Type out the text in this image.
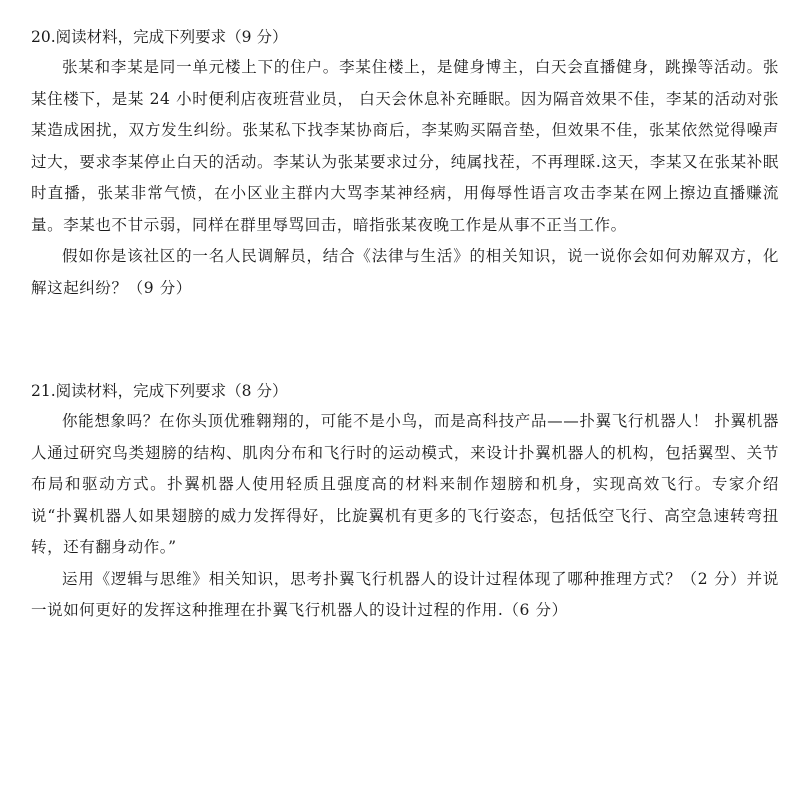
20.阅读材料，完成下列要求（9 分）

张某和李某是同一单元楼上下的住户。李某住楼上，是健身博主，白天会直播健身，跳操等活动。张某住楼下，是某 24 小时便利店夜班营业员， 白天会休息补充睡眠。因为隔音效果不佳，李某的活动对张某造成困扰，双方发生纠纷。张某私下找李某协商后，李某购买隔音垫，但效果不佳，张某依然觉得噪声过大，要求李某停止白天的活动。李某认为张某要求过分，纯属找茬，不再理睬.这天，李某又在张某补眠时直播，张某非常气愤，在小区业主群内大骂李某神经病，用侮辱性语言攻击李某在网上擦边直播赚流量。李某也不甘示弱，同样在群里辱骂回击，暗指张某夜晚工作是从事不正当工作。

假如你是该社区的一名人民调解员，结合《法律与生活》的相关知识，说一说你会如何劝解双方，化解这起纠纷？（9 分）

21.阅读材料，完成下列要求（8 分）

你能想象吗？在你头顶优雅翱翔的，可能不是小鸟，而是高科技产品——扑翼飞行机器人！ 扑翼机器人通过研究鸟类翅膀的结构、肌肉分布和飞行时的运动模式，来设计扑翼机器人的机构，包括翼型、关节布局和驱动方式。扑翼机器人使用轻质且强度高的材料来制作翅膀和机身，实现高效飞行。专家介绍说“扑翼机器人如果翅膀的威力发挥得好，比旋翼机有更多的飞行姿态，包括低空飞行、高空急速转弯扭转，还有翻身动作。”

运用《逻辑与思维》相关知识，思考扑翼飞行机器人的设计过程体现了哪种推理方式？（2 分）并说一说如何更好的发挥这种推理在扑翼飞行机器人的设计过程的作用.（6 分）
